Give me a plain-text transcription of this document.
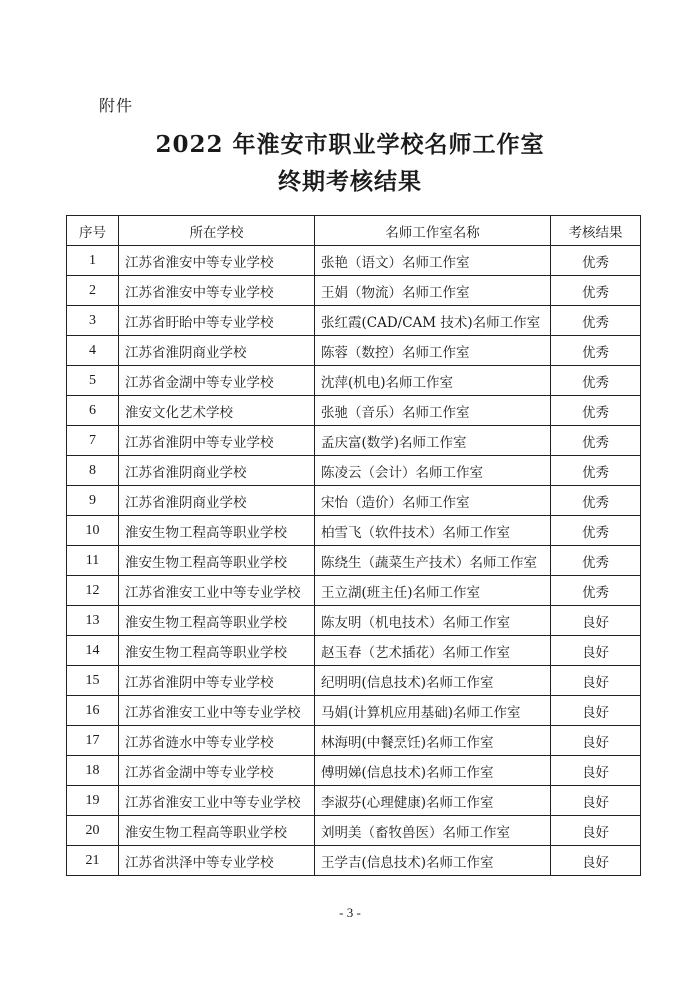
附件
2022 年淮安市职业学校名师工作室
终期考核结果
序号	所在学校	名师工作室名称	考核结果
1	江苏省淮安中等专业学校	张艳（语文）名师工作室	优秀
2	江苏省淮安中等专业学校	王娟（物流）名师工作室	优秀
3	江苏省盱眙中等专业学校	张红霞(CAD/CAM 技术)名师工作室	优秀
4	江苏省淮阴商业学校	陈蓉（数控）名师工作室	优秀
5	江苏省金湖中等专业学校	沈萍(机电)名师工作室	优秀
6	淮安文化艺术学校	张驰（音乐）名师工作室	优秀
7	江苏省淮阴中等专业学校	孟庆富(数学)名师工作室	优秀
8	江苏省淮阴商业学校	陈凌云（会计）名师工作室	优秀
9	江苏省淮阴商业学校	宋怡（造价）名师工作室	优秀
10	淮安生物工程高等职业学校	柏雪飞（软件技术）名师工作室	优秀
11	淮安生物工程高等职业学校	陈绕生（蔬菜生产技术）名师工作室	优秀
12	江苏省淮安工业中等专业学校	王立湖(班主任)名师工作室	优秀
13	淮安生物工程高等职业学校	陈友明（机电技术）名师工作室	良好
14	淮安生物工程高等职业学校	赵玉春（艺术插花）名师工作室	良好
15	江苏省淮阴中等专业学校	纪明明(信息技术)名师工作室	良好
16	江苏省淮安工业中等专业学校	马娟(计算机应用基础)名师工作室	良好
17	江苏省涟水中等专业学校	林海明(中餐烹饪)名师工作室	良好
18	江苏省金湖中等专业学校	傅明娣(信息技术)名师工作室	良好
19	江苏省淮安工业中等专业学校	李淑芬(心理健康)名师工作室	良好
20	淮安生物工程高等职业学校	刘明美（畜牧兽医）名师工作室	良好
21	江苏省洪泽中等专业学校	王学吉(信息技术)名师工作室	良好
- 3 -
